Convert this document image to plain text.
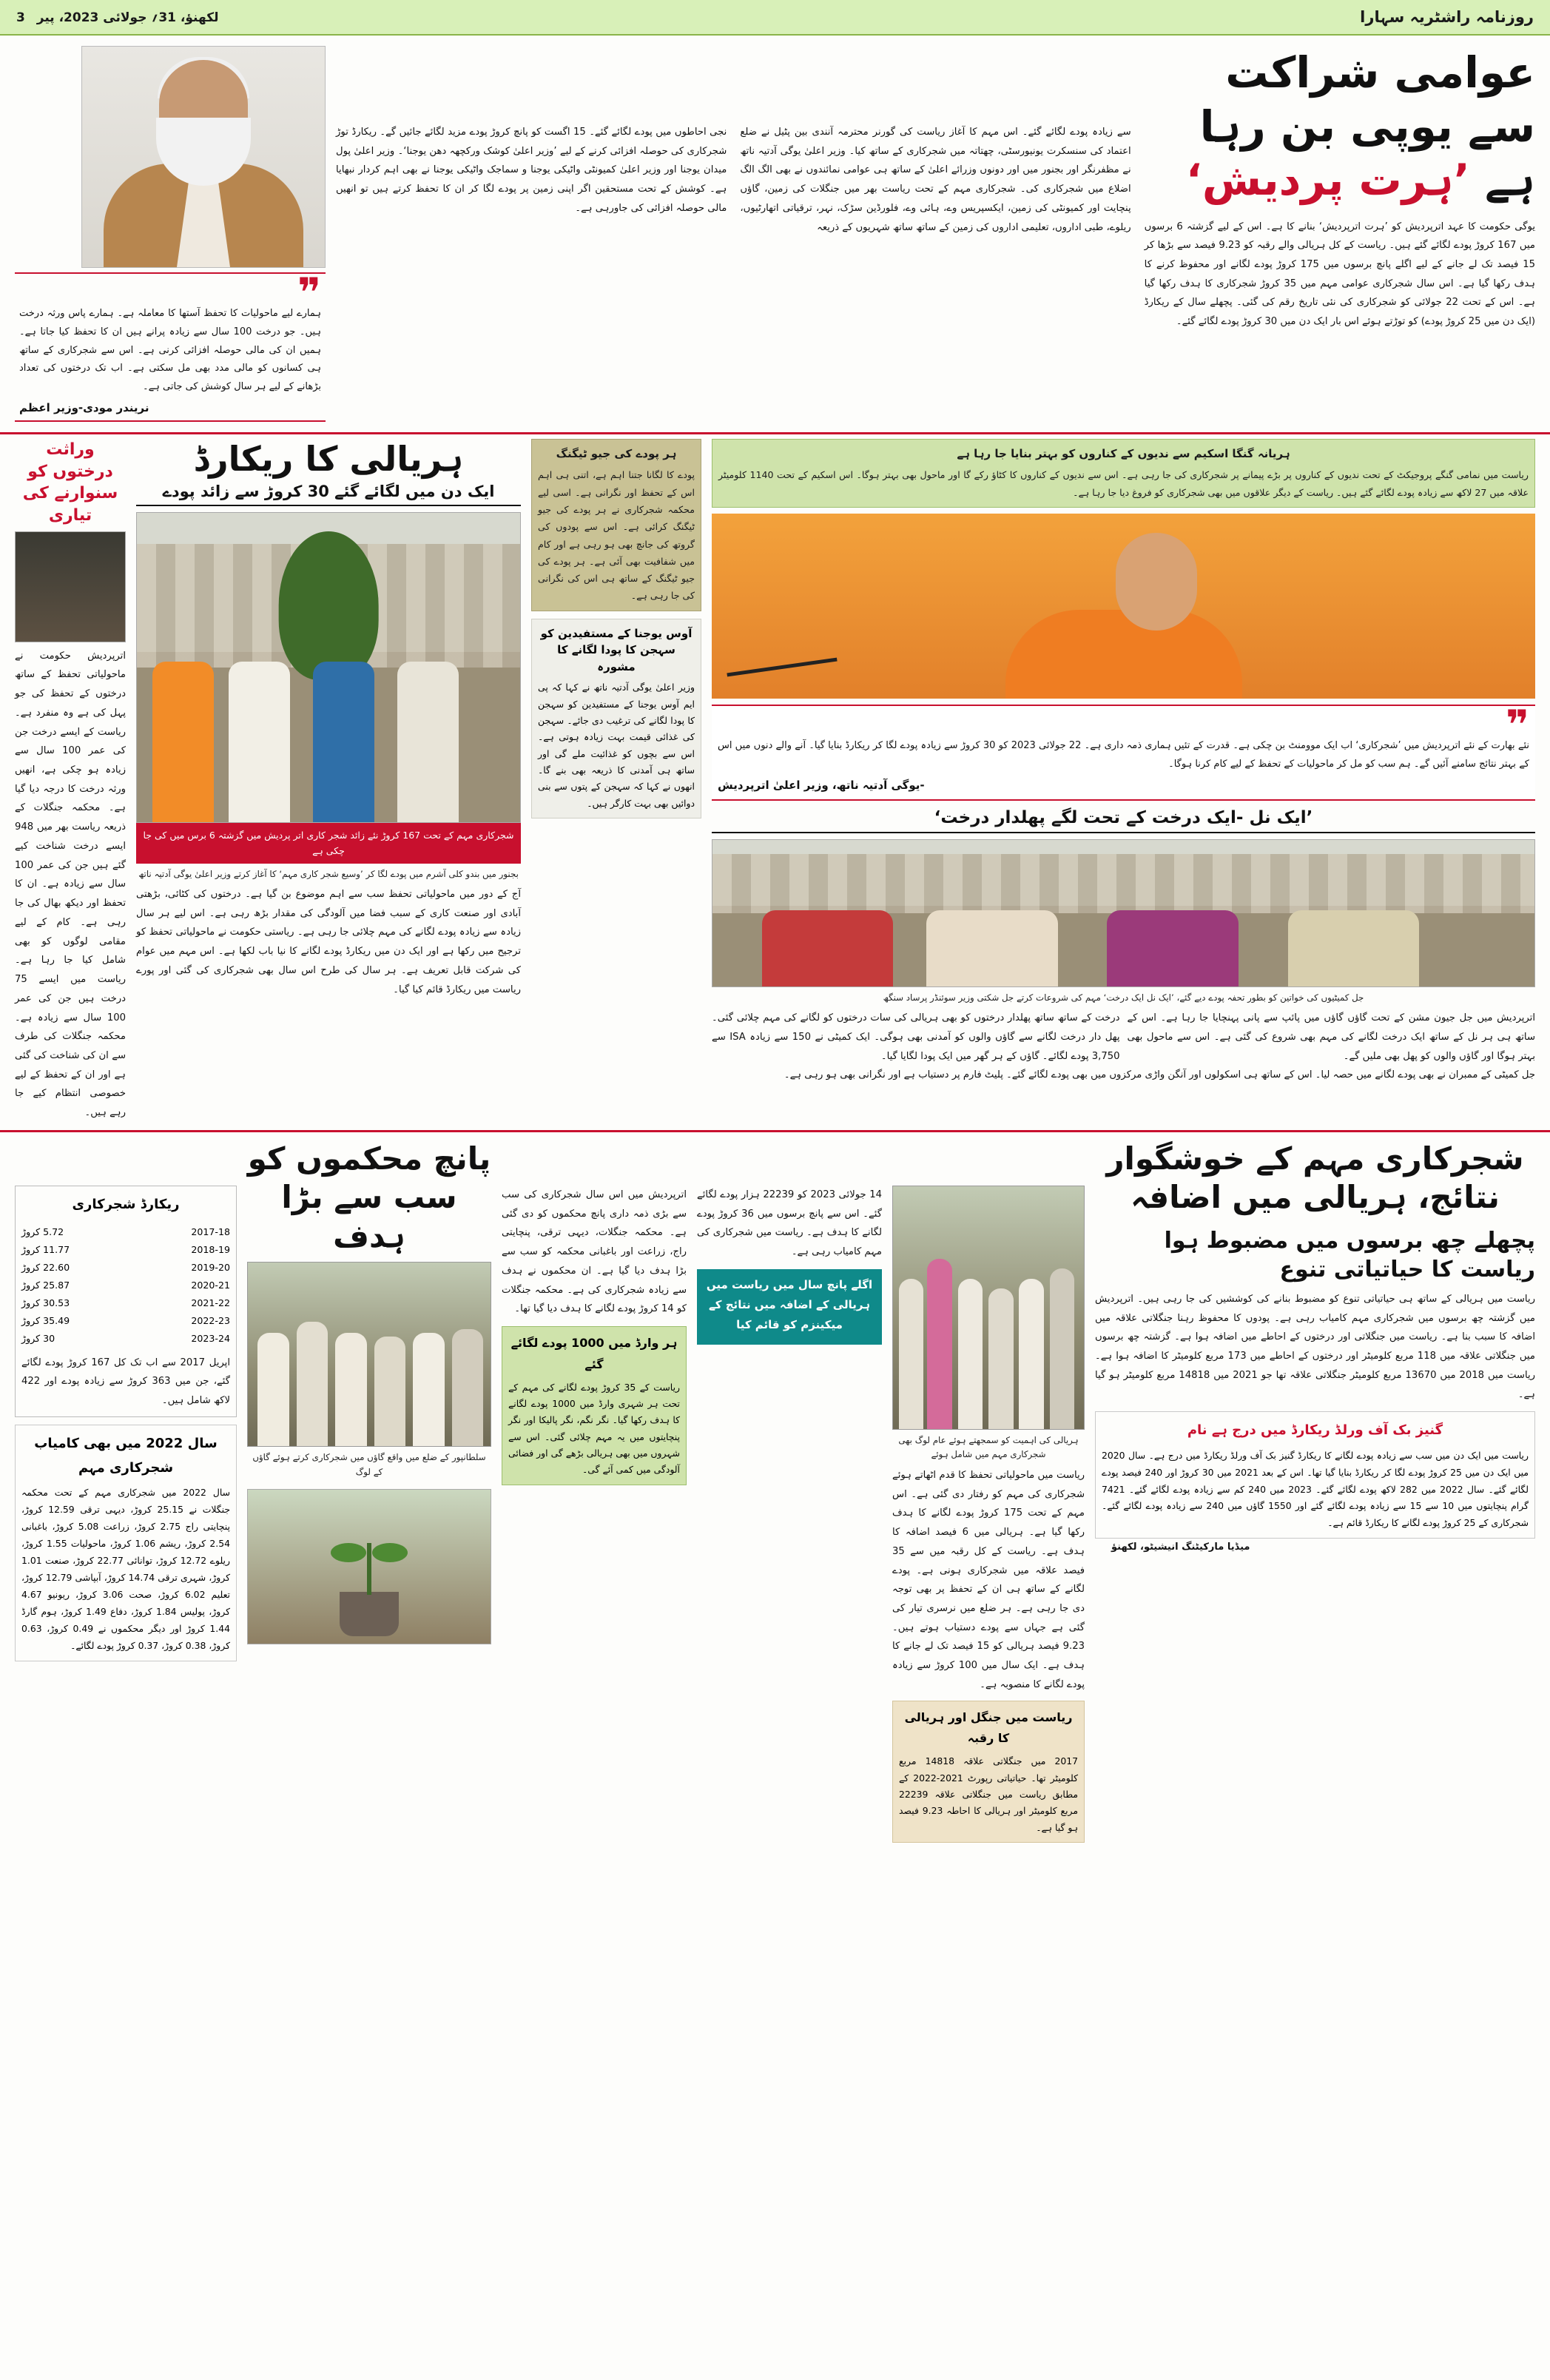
روزنامہ راشٹریہ سہارا
لکھنؤ، 31؍ جولائی 2023، پیر 3
عوامی شراکت سے یوپی بن رہا ہے ’ہرت پردیش‘
یوگی حکومت کا عہد اترپردیش کو ’ہرت اترپردیش‘ بنانے کا ہے۔ اس کے لیے گزشتہ 6 برسوں میں 167 کروڑ پودے لگائے گئے ہیں۔ ریاست کے کل ہریالی والے رقبہ کو 9.23 فیصد سے بڑھا کر 15 فیصد تک لے جانے کے لیے اگلے پانچ برسوں میں 175 کروڑ پودے لگانے اور محفوظ کرنے کا ہدف رکھا گیا ہے۔ اس سال شجرکاری عوامی مہم میں 35 کروڑ شجرکاری کا ہدف رکھا گیا ہے۔ اس کے تحت 22 جولائی کو شجرکاری کی نئی تاریخ رقم کی گئی۔ پچھلے سال کے ریکارڈ (ایک دن میں 25 کروڑ پودے) کو توڑتے ہوئے اس بار ایک دن میں 30 کروڑ پودے لگائے گئے۔
سے زیادہ پودے لگائے گئے۔ اس مہم کا آغاز ریاست کی گورنر محترمہ آنندی بین پٹیل نے ضلع اعتماد کی سنسکرت یونیورسٹی، چھتاتہ میں شجرکاری کے ساتھ کیا۔ وزیر اعلیٰ یوگی آدتیہ ناتھ نے مظفرنگر اور بجنور میں اور دونوں وزرائے اعلیٰ کے ساتھ ہی عوامی نمائندوں نے بھی الگ الگ اضلاع میں شجرکاری کی۔ شجرکاری مہم کے تحت ریاست بھر میں جنگلات کی زمین، گاؤں پنچایت اور کمیونٹی کی زمین، ایکسپریس وے، ہائی وے، فلورڈین سڑک، نہر، ترقیاتی اتھارٹیوں، ریلوے، طبی اداروں، تعلیمی اداروں کی زمین کے ساتھ ساتھ شہریوں کے ذریعہ
نجی احاطوں میں پودے لگائے گئے۔ 15 اگست کو پانچ کروڑ پودے مزید لگائے جائیں گے۔ ریکارڈ توڑ شجرکاری کی حوصلہ افزائی کرنے کے لیے ’وزیر اعلیٰ کوشک ورکچھہ دھن یوجنا‘۔ وزیر اعلیٰ پول میدان یوجنا اور وزیر اعلیٰ کمیونٹی واٹیکی یوجنا و سماجک واٹیکی یوجنا نے بھی اہم کردار نبھایا ہے۔ کوشش کے تحت مستحقین اگر اپنی زمین پر پودے لگا کر ان کا تحفظ کرتے ہیں تو انھیں مالی حوصلہ افزائی کی جاورہی ہے۔
❞
ہمارے لیے ماحولیات کا تحفظ آستھا کا معاملہ ہے۔ ہمارے پاس ورثہ درخت ہیں۔ جو درخت 100 سال سے زیادہ پرانے ہیں ان کا تحفظ کیا جاتا ہے۔ ہمیں ان کی مالی حوصلہ افزائی کرنی ہے۔ اس سے شجرکاری کے ساتھ ہی کسانوں کو مالی مدد بھی مل سکتی ہے۔ اب تک درختوں کی تعداد بڑھانے کے لیے ہر سال کوشش کی جاتی ہے۔
نریندر مودی-وزیر اعظم
ہریانہ گنگا اسکیم سے ندیوں کے کناروں کو بہتر بنایا جا رہا ہے
ریاست میں نمامی گنگے پروجیکٹ کے تحت ندیوں کے کناروں پر بڑے پیمانے پر شجرکاری کی جا رہی ہے۔ اس سے ندیوں کے کناروں کا کٹاؤ رکے گا اور ماحول بھی بہتر ہوگا۔ اس اسکیم کے تحت 1140 کلومیٹر علاقہ میں 27 لاکھ سے زیادہ پودے لگائے گئے ہیں۔ ریاست کے دیگر علاقوں میں بھی شجرکاری کو فروغ دیا جا رہا ہے۔
❞
نئے بھارت کے نئے اترپردیش میں ’شجرکاری‘ اب ایک موومنٹ بن چکی ہے۔ قدرت کے تئیں ہماری ذمہ داری ہے۔ 22 جولائی 2023 کو 30 کروڑ سے زیادہ پودے لگا کر ریکارڈ بنایا گیا۔ آنے والے دنوں میں اس کے بہتر نتائج سامنے آئیں گے۔ ہم سب کو مل کر ماحولیات کے تحفظ کے لیے کام کرنا ہوگا۔
-یوگی آدتیہ ناتھ، وزیر اعلیٰ اترپردیش
’ایک نل -ایک درخت کے تحت لگے پھلدار درخت‘
جل کمیٹیوں کی خواتین کو بطور تحفہ پودے دیے گئے، ’ایک نل ایک درخت‘ مہم کی شروعات کرتے جل شکتی وزیر سوئنڈر پرساد سنگھ
اترپردیش میں جل جیون مشن کے تحت گاؤں گاؤں میں پائپ سے پانی پہنچایا جا رہا ہے۔ اس کے ساتھ ہی ہر نل کے ساتھ ایک درخت لگانے کی مہم بھی شروع کی گئی ہے۔ اس سے ماحول بھی بہتر ہوگا اور گاؤں والوں کو پھل بھی ملیں گے۔
درخت کے ساتھ ساتھ پھلدار درختوں کو بھی ہریالی کی سات درختوں کو لگانے کی مہم چلائی گئی۔ پھل دار درخت لگانے سے گاؤں والوں کو آمدنی بھی ہوگی۔ ایک کمیٹی نے 150 سے زیادہ ISA سے 3,750 پودے لگائے۔ گاؤں کے ہر گھر میں ایک پودا لگایا گیا۔
جل کمیٹی کے ممبران نے بھی پودے لگانے میں حصہ لیا۔ اس کے ساتھ ہی اسکولوں اور آنگن واڑی مرکزوں میں بھی پودے لگائے گئے۔ پلیٹ فارم پر دستیاب ہے اور نگرانی بھی ہو رہی ہے۔
ہر پودے کی جیو ٹیگنگ
پودے کا لگانا جتنا اہم ہے، اتنی ہی اہم اس کے تحفظ اور نگرانی ہے۔ اسی لیے محکمہ شجرکاری نے ہر پودے کی جیو ٹیگنگ کرائی ہے۔ اس سے پودوں کی گروتھ کی جانچ بھی ہو رہی ہے اور کام میں شفافیت بھی آئی ہے۔ ہر پودے کی جیو ٹیگنگ کے ساتھ ہی اس کی نگرانی کی جا رہی ہے۔
آوس یوجنا کے مستفیدین کو سہجن کا پودا لگانے کا مشورہ
وزیر اعلیٰ یوگی آدتیہ ناتھ نے کہا کہ پی ایم آوس یوجنا کے مستفیدین کو سہجن کا پودا لگانے کی ترغیب دی جائے۔ سہجن کی غذائی قیمت بہت زیادہ ہوتی ہے۔ اس سے بچوں کو غذائیت ملے گی اور ساتھ ہی آمدنی کا ذریعہ بھی بنے گا۔ انھوں نے کہا کہ سہجن کے پتوں سے بنی دوائیں بھی بہت کارگر ہیں۔
ہریالی کا ریکارڈ
ایک دن میں لگائے گئے 30 کروڑ سے زائد پودے
شجرکاری مہم کے تحت 167 کروڑ نئے زائد شجر کاری اتر پردیش میں گزشتہ 6 برس میں کی جا چکی ہے
بجنور میں بندو کلی آشرم میں پودے لگا کر ’وسیع شجر کاری مہم‘ کا آغاز کرتے وزیر اعلیٰ یوگی آدتیہ ناتھ
آج کے دور میں ماحولیاتی تحفظ سب سے اہم موضوع بن گیا ہے۔ درختوں کی کٹائی، بڑھتی آبادی اور صنعت کاری کے سبب فضا میں آلودگی کی مقدار بڑھ رہی ہے۔ اس لیے ہر سال زیادہ سے زیادہ پودے لگانے کی مہم چلائی جا رہی ہے۔ ریاستی حکومت نے ماحولیاتی تحفظ کو ترجیح میں رکھا ہے اور ایک دن میں ریکارڈ پودے لگانے کا نیا باب لکھا ہے۔ اس مہم میں عوام کی شرکت قابل تعریف ہے۔ ہر سال کی طرح اس سال بھی شجرکاری کی گئی اور پورے ریاست میں ریکارڈ قائم کیا گیا۔
وراثت درختوں کو سنوارنے کی تیاری
اترپردیش حکومت نے ماحولیاتی تحفظ کے ساتھ درختوں کے تحفظ کی جو پہل کی ہے وہ منفرد ہے۔ ریاست کے ایسے درخت جن کی عمر 100 سال سے زیادہ ہو چکی ہے، انھیں ورثہ درخت کا درجہ دیا گیا ہے۔ محکمہ جنگلات کے ذریعہ ریاست بھر میں 948 ایسے درخت شناخت کیے گئے ہیں جن کی عمر 100 سال سے زیادہ ہے۔ ان کا تحفظ اور دیکھ بھال کی جا رہی ہے۔ کام کے لیے مقامی لوگوں کو بھی شامل کیا جا رہا ہے۔ ریاست میں ایسے 75 درخت ہیں جن کی عمر 100 سال سے زیادہ ہے۔ محکمہ جنگلات کی طرف سے ان کی شناخت کی گئی ہے اور ان کے تحفظ کے لیے خصوصی انتظام کیے جا رہے ہیں۔
شجرکاری مہم کے خوشگوار نتائج، ہریالی میں اضافہ
پچھلے چھ برسوں میں مضبوط ہوا ریاست کا حیاتیاتی تنوع
ریاست میں ہریالی کے ساتھ ہی حیاتیاتی تنوع کو مضبوط بنانے کی کوششیں کی جا رہی ہیں۔ اترپردیش میں گزشتہ چھ برسوں میں شجرکاری مہم کامیاب رہی ہے۔ پودوں کا محفوظ رہنا جنگلاتی علاقہ میں اضافہ کا سبب بنا ہے۔ ریاست میں جنگلاتی اور درختوں کے احاطے میں اضافہ ہوا ہے۔ گزشتہ چھ برسوں میں جنگلاتی علاقہ میں 118 مربع کلومیٹر اور درختوں کے احاطے میں 173 مربع کلومیٹر کا اضافہ ہوا ہے۔ ریاست میں 2018 میں 13670 مربع کلومیٹر جنگلاتی علاقہ تھا جو 2021 میں 14818 مربع کلومیٹر ہو گیا ہے۔
گنیز بک آف ورلڈ ریکارڈ میں درج ہے نام
ریاست میں ایک دن میں سب سے زیادہ پودے لگانے کا ریکارڈ گنیز بک آف ورلڈ ریکارڈ میں درج ہے۔ سال 2020 میں ایک دن میں 25 کروڑ پودے لگا کر ریکارڈ بنایا گیا تھا۔ اس کے بعد 2021 میں 30 کروڑ اور 240 فیصد پودے لگائے گئے۔ سال 2022 میں 282 لاکھ پودے لگائے گئے۔ 2023 میں 240 کم سے زیادہ پودے لگائے گئے۔ 7421 گرام پنچایتوں میں 10 سے 15 سے زیادہ پودے لگائے گئے اور 1550 گاؤں میں 240 سے زیادہ پودے لگائے گئے۔ شجرکاری کے 25 کروڑ پودے لگانے کا ریکارڈ قائم ہے۔
میڈیا مارکیٹنگ انیشیٹو، لکھنؤ
ہریالی کی اہمیت کو سمجھتے ہوئے عام لوگ بھی شجرکاری مہم میں شامل ہوئے
ریاست میں ماحولیاتی تحفظ کا قدم اٹھاتے ہوئے شجرکاری کی مہم کو رفتار دی گئی ہے۔ اس مہم کے تحت 175 کروڑ پودے لگانے کا ہدف رکھا گیا ہے۔ ہریالی میں 6 فیصد اضافہ کا ہدف ہے۔ ریاست کے کل رقبہ میں سے 35 فیصد علاقہ میں شجرکاری ہونی ہے۔ پودے لگانے کے ساتھ ہی ان کے تحفظ پر بھی توجہ دی جا رہی ہے۔ ہر ضلع میں نرسری تیار کی گئی ہے جہاں سے پودے دستیاب ہوتے ہیں۔ 9.23 فیصد ہریالی کو 15 فیصد تک لے جانے کا ہدف ہے۔ ایک سال میں 100 کروڑ سے زیادہ پودے لگانے کا منصوبہ ہے۔
ریاست میں جنگل اور ہریالی کا رقبہ
2017 میں جنگلاتی علاقہ 14818 مربع کلومیٹر تھا۔ حیاتیاتی رپورٹ 2021-2022 کے مطابق ریاست میں جنگلاتی علاقہ 22239 مربع کلومیٹر اور ہریالی کا احاطہ 9.23 فیصد ہو گیا ہے۔
14 جولائی 2023 کو 22239 ہزار پودے لگائے گئے۔ اس سے پانچ برسوں میں 36 کروڑ پودے لگانے کا ہدف ہے۔ ریاست میں شجرکاری کی مہم کامیاب رہی ہے۔
اگلے پانچ سال میں ریاست میں ہریالی کے اضافہ میں نتائج کے میکینزم کو قائم کیا
اترپردیش میں اس سال شجرکاری کی سب سے بڑی ذمہ داری پانچ محکموں کو دی گئی ہے۔ محکمہ جنگلات، دیہی ترقی، پنچایتی راج، زراعت اور باغبانی محکمہ کو سب سے بڑا ہدف دیا گیا ہے۔ ان محکموں نے ہدف سے زیادہ شجرکاری کی ہے۔ محکمہ جنگلات کو 14 کروڑ پودے لگانے کا ہدف دیا گیا تھا۔
ہر وارڈ میں 1000 پودے لگائے گئے
ریاست کے 35 کروڑ پودے لگانے کی مہم کے تحت ہر شہری وارڈ میں 1000 پودے لگانے کا ہدف رکھا گیا۔ نگر نگم، نگر پالیکا اور نگر پنچایتوں میں یہ مہم چلائی گئی۔ اس سے شہروں میں بھی ہریالی بڑھے گی اور فضائی آلودگی میں کمی آئے گی۔
پانچ محکموں کو سب سے بڑا ہدف
سلطانپور کے ضلع میں واقع گاؤں میں شجرکاری کرتے ہوئے گاؤں کے لوگ
ریکارڈ شجرکاری
2017-18
5.72 کروڑ
2018-19
11.77 کروڑ
2019-20
22.60 کروڑ
2020-21
25.87 کروڑ
2021-22
30.53 کروڑ
2022-23
35.49 کروڑ
2023-24
30 کروڑ
اپریل 2017 سے اب تک کل 167 کروڑ پودے لگائے گئے، جن میں 363 کروڑ سے زیادہ پودے اور 422 لاکھ شامل ہیں۔
سال 2022 میں بھی کامیاب شجرکاری مہم
سال 2022 میں شجرکاری مہم کے تحت محکمہ جنگلات نے 25.15 کروڑ، دیہی ترقی 12.59 کروڑ، پنچایتی راج 2.75 کروڑ، زراعت 5.08 کروڑ، باغبانی 2.54 کروڑ، ریشم 1.06 کروڑ، ماحولیات 1.55 کروڑ، ریلوے 12.72 کروڑ، توانائی 22.77 کروڑ، صنعت 1.01 کروڑ، شہری ترقی 14.74 کروڑ، آبپاشی 12.79 کروڑ، تعلیم 6.02 کروڑ، صحت 3.06 کروڑ، ریونیو 4.67 کروڑ، پولیس 1.84 کروڑ، دفاع 1.49 کروڑ، ہوم گارڈ 1.44 کروڑ اور دیگر محکموں نے 0.49 کروڑ، 0.63 کروڑ، 0.38 کروڑ، 0.37 کروڑ پودے لگائے۔
